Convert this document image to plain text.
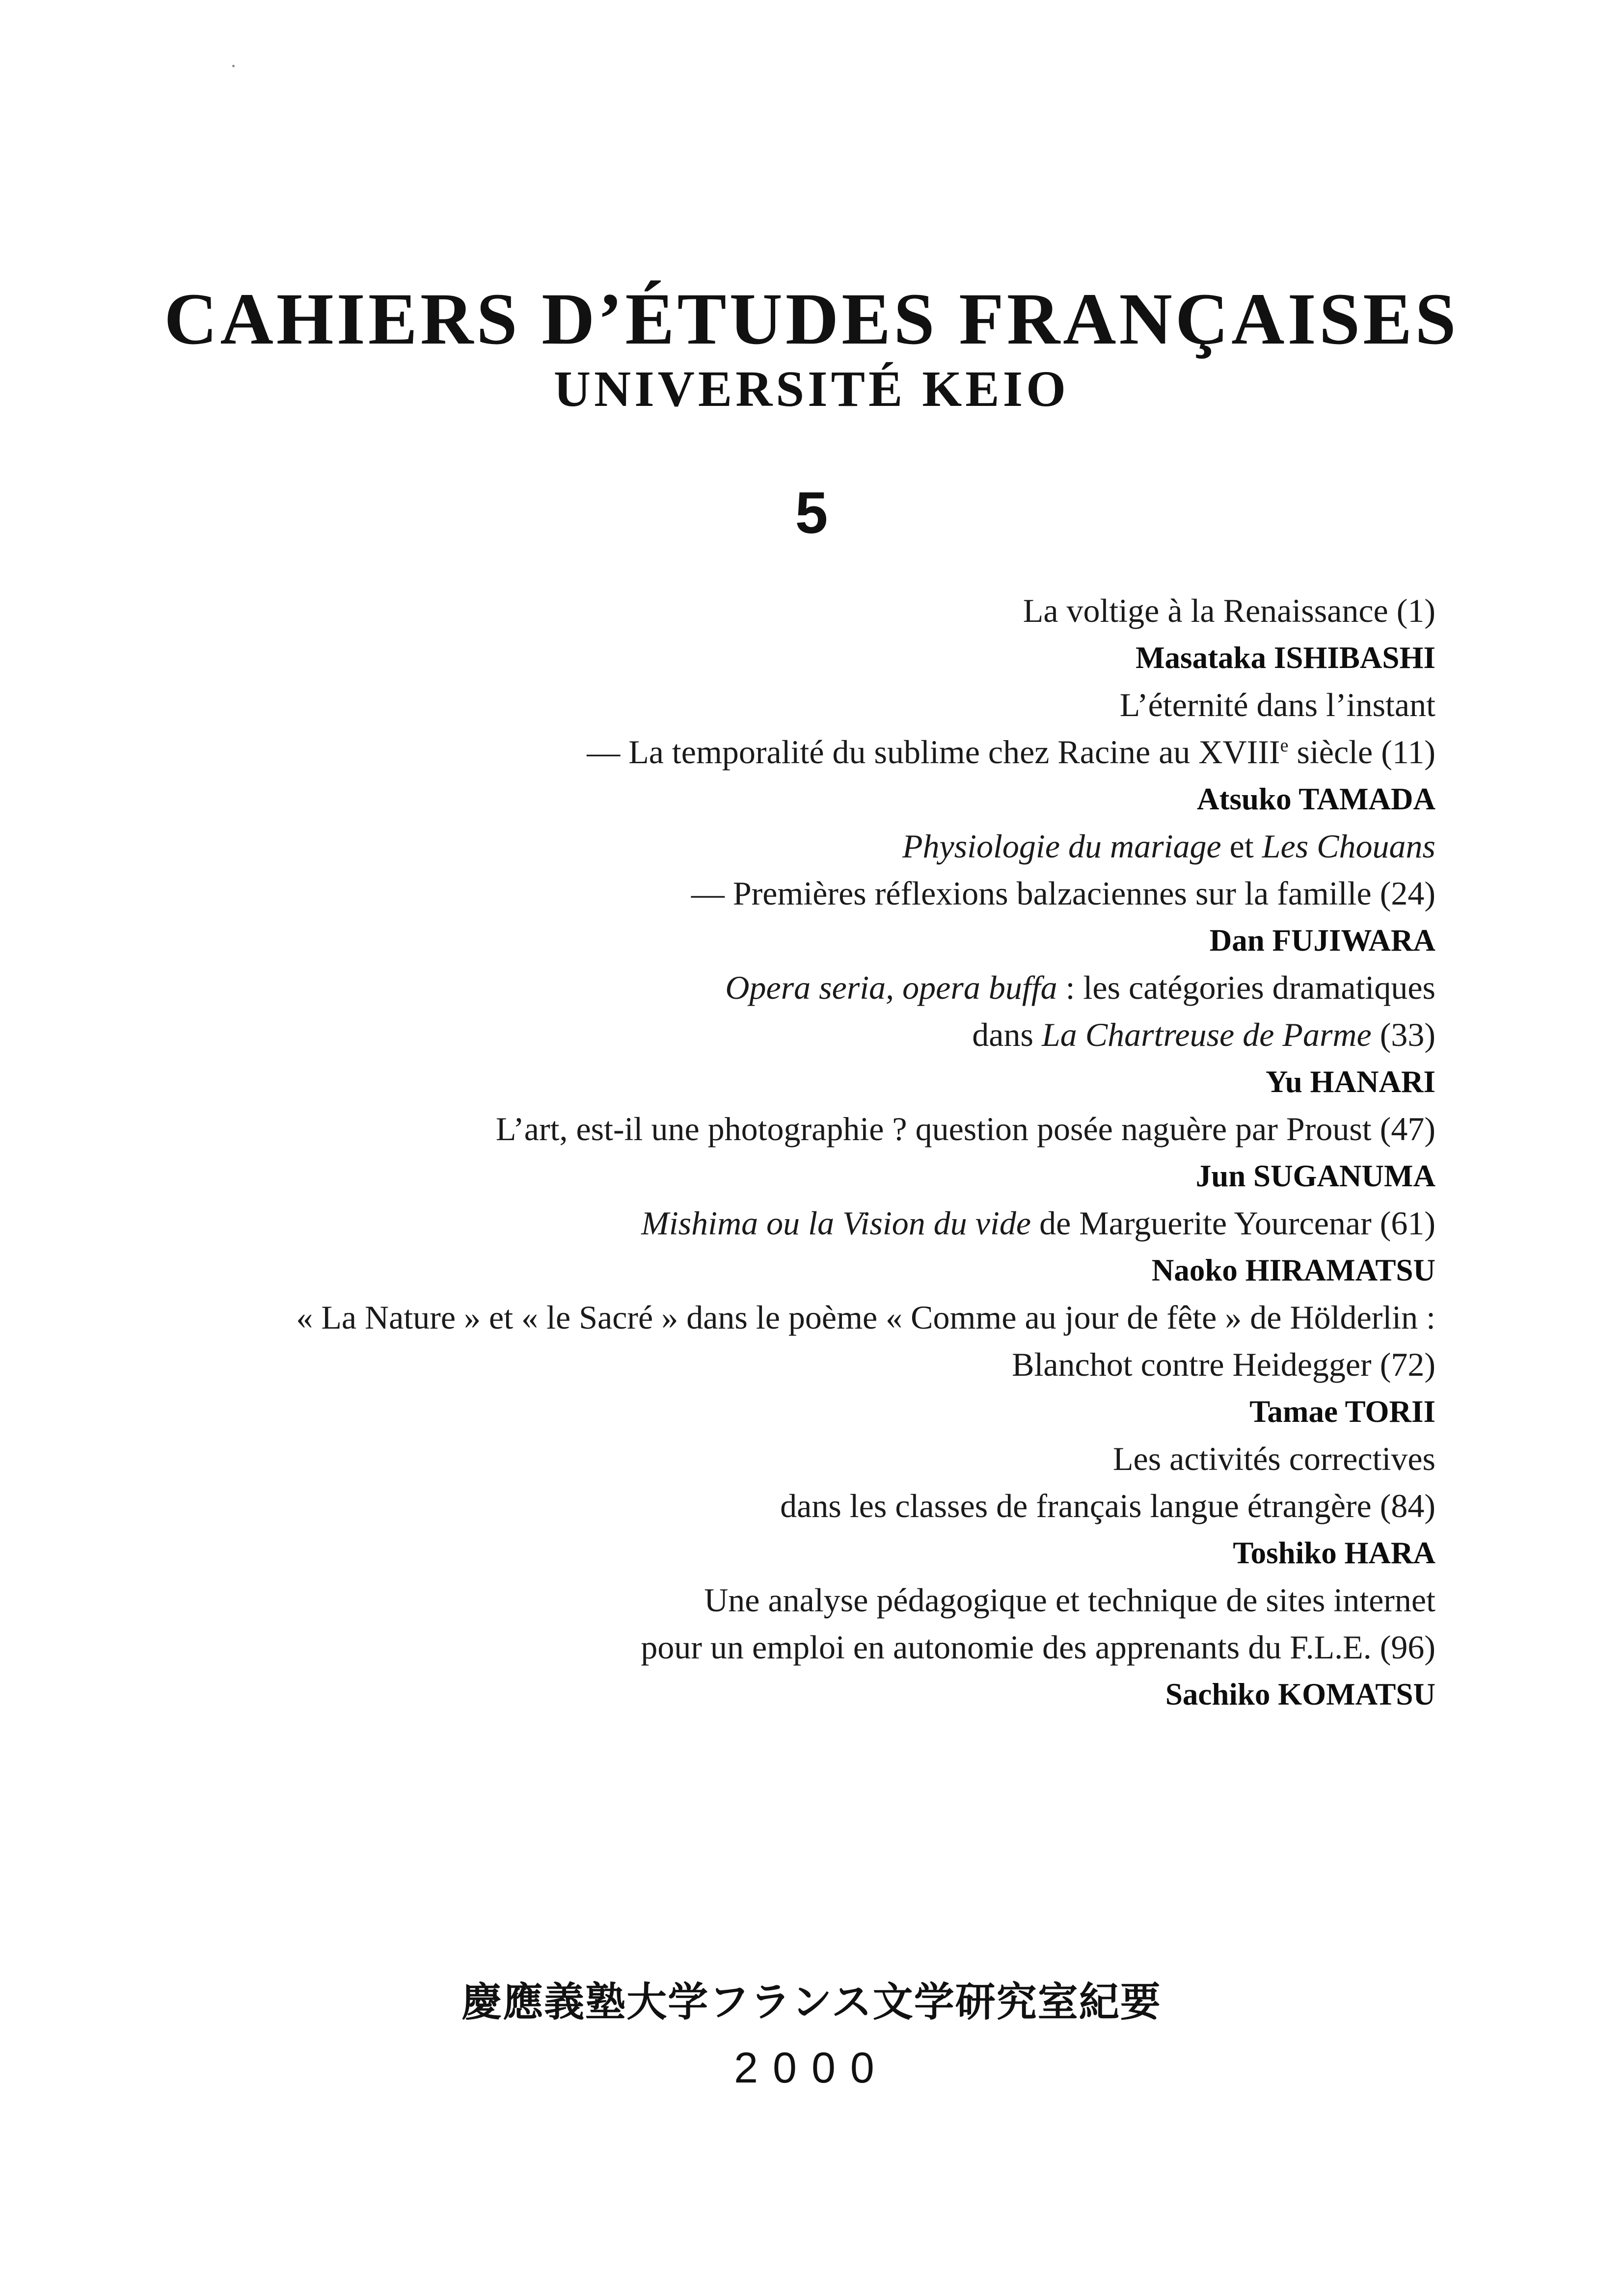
CAHIERS D’ÉTUDES FRANÇAISES
UNIVERSITÉ KEIO
5
La voltige à la Renaissance (1)
Masataka ISHIBASHI
L’éternité dans l’instant
— La temporalité du sublime chez Racine au XVIIIe siècle (11)
Atsuko TAMADA
Physiologie du mariage et Les Chouans
— Premières réflexions balzaciennes sur la famille (24)
Dan FUJIWARA
Opera seria, opera buffa : les catégories dramatiques
dans La Chartreuse de Parme (33)
Yu HANARI
L’art, est-il une photographie ? question posée naguère par Proust (47)
Jun SUGANUMA
Mishima ou la Vision du vide de Marguerite Yourcenar (61)
Naoko HIRAMATSU
« La Nature » et « le Sacré » dans le poème « Comme au jour de fête » de Hölderlin :
Blanchot contre Heidegger (72)
Tamae TORII
Les activités correctives
dans les classes de français langue étrangère (84)
Toshiko HARA
Une analyse pédagogique et technique de sites internet
pour un emploi en autonomie des apprenants du F.L.E. (96)
Sachiko KOMATSU
慶應義塾大学フランス文学研究室紀要
2000
